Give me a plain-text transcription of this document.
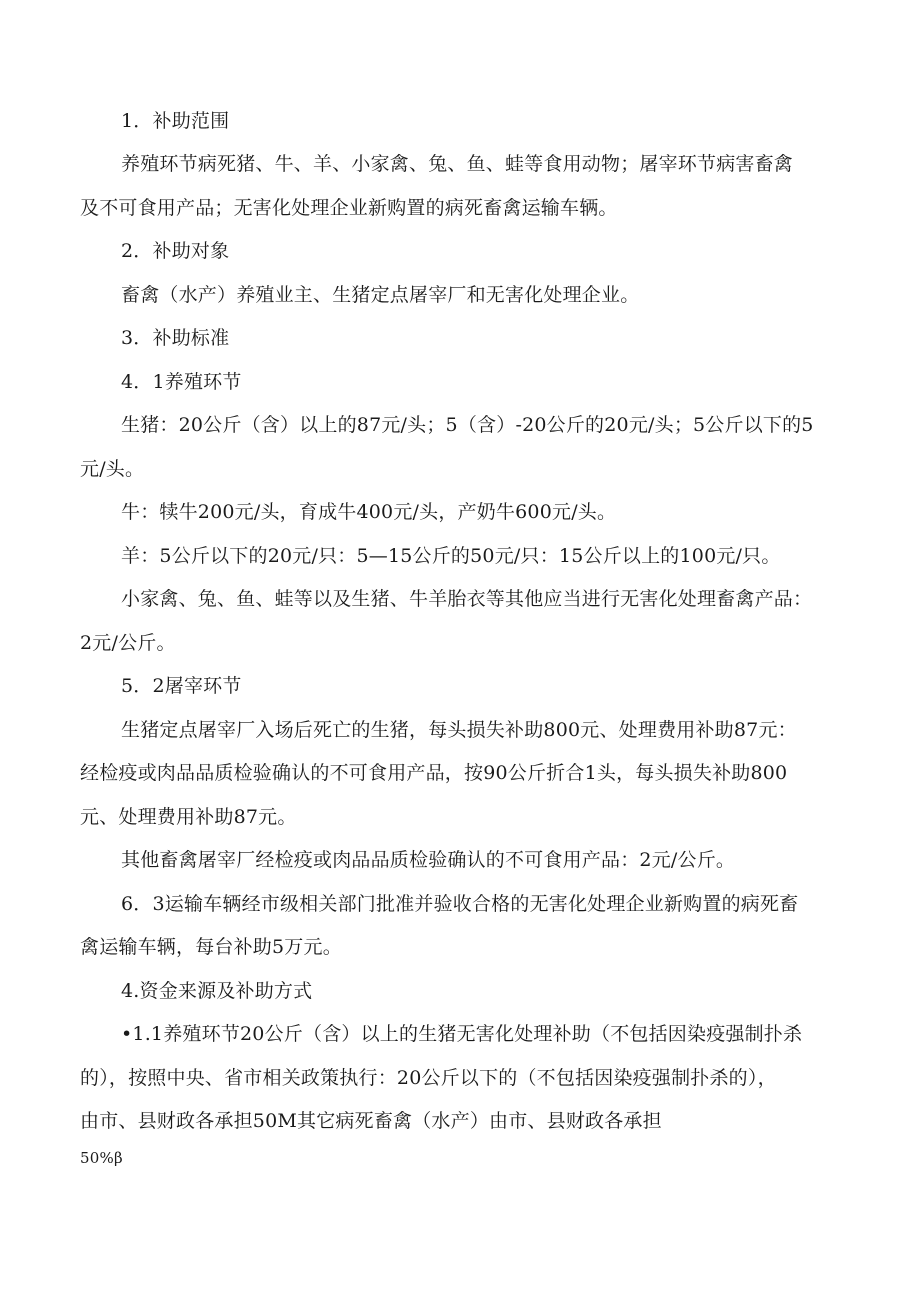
1．补助范围
养殖环节病死猪、牛、羊、小家禽、兔、鱼、蛙等食用动物；屠宰环节病害畜禽
及不可食用产品；无害化处理企业新购置的病死畜禽运输车辆。
2．补助对象
畜禽（水产）养殖业主、生猪定点屠宰厂和无害化处理企业。
3．补助标准
4．1养殖环节
生猪：20公斤（含）以上的87元/头；5（含）-20公斤的20元/头；5公斤以下的5
元/头。
牛：犊牛200元/头，育成牛400元/头，产奶牛600元/头。
羊：5公斤以下的20元/只：5—15公斤的50元/只：15公斤以上的100元/只。
小家禽、兔、鱼、蛙等以及生猪、牛羊胎衣等其他应当进行无害化处理畜禽产品：
2元/公斤。
5．2屠宰环节
生猪定点屠宰厂入场后死亡的生猪，每头损失补助800元、处理费用补助87元：
经检疫或肉品品质检验确认的不可食用产品，按90公斤折合1头，每头损失补助800
元、处理费用补助87元。
其他畜禽屠宰厂经检疫或肉品品质检验确认的不可食用产品：2元/公斤。
6．3运输车辆经市级相关部门批准并验收合格的无害化处理企业新购置的病死畜
禽运输车辆，每台补助5万元。
4.资金来源及补助方式
•1.1养殖环节20公斤（含）以上的生猪无害化处理补助（不包括因染疫强制扑杀
的），按照中央、省市相关政策执行：20公斤以下的（不包括因染疫强制扑杀的），
由市、县财政各承担50M其它病死畜禽（水产）由市、县财政各承担
50%β
